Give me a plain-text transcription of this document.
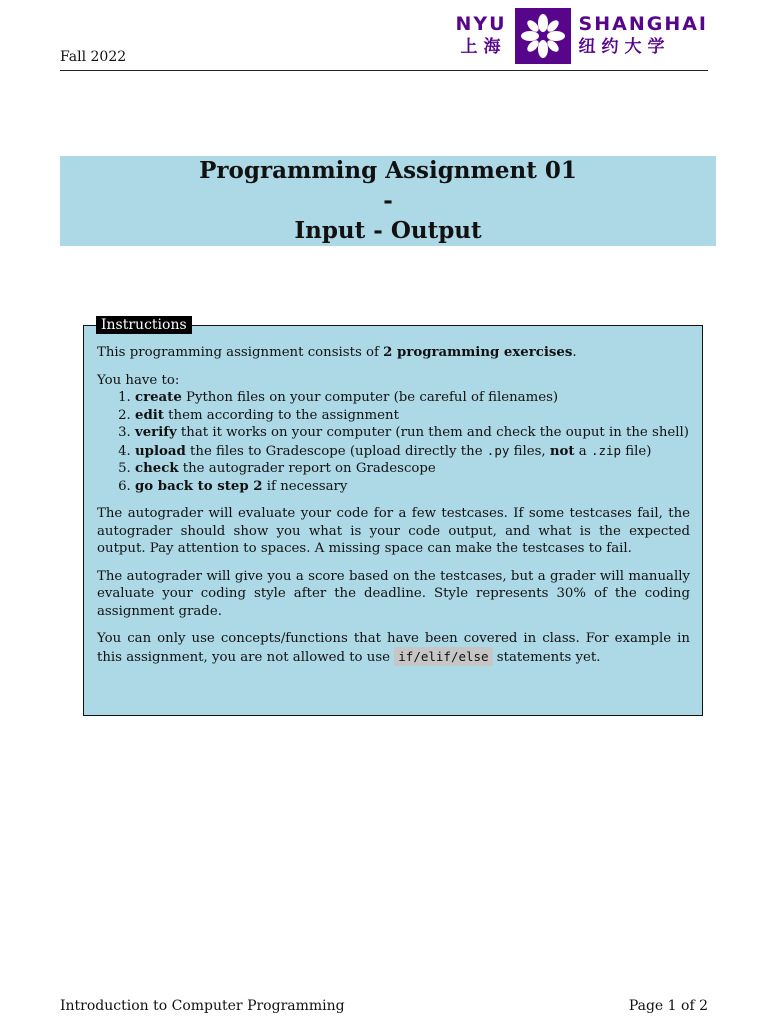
Fall 2022
NYU
上海
SHANGHAI
纽约大学
Programming Assignment 01
-
Input - Output
Instructions

This programming assignment consists of 2 programming exercises.

You have to:
1. create Python files on your computer (be careful of filenames)
2. edit them according to the assignment
3. verify that it works on your computer (run them and check the ouput in the shell)
4. upload the files to Gradescope (upload directly the .py files, not a .zip file)
5. check the autograder report on Gradescope
6. go back to step 2 if necessary

The autograder will evaluate your code for a few testcases. If some testcases fail, the autograder should show you what is your code output, and what is the expected output. Pay attention to spaces. A missing space can make the testcases to fail.

The autograder will give you a score based on the testcases, but a grader will manually evaluate your coding style after the deadline. Style represents 30% of the coding assignment grade.

You can only use concepts/functions that have been covered in class. For example in this assignment, you are not allowed to use if/elif/else statements yet.

Introduction to Computer Programming	Page 1 of 2
